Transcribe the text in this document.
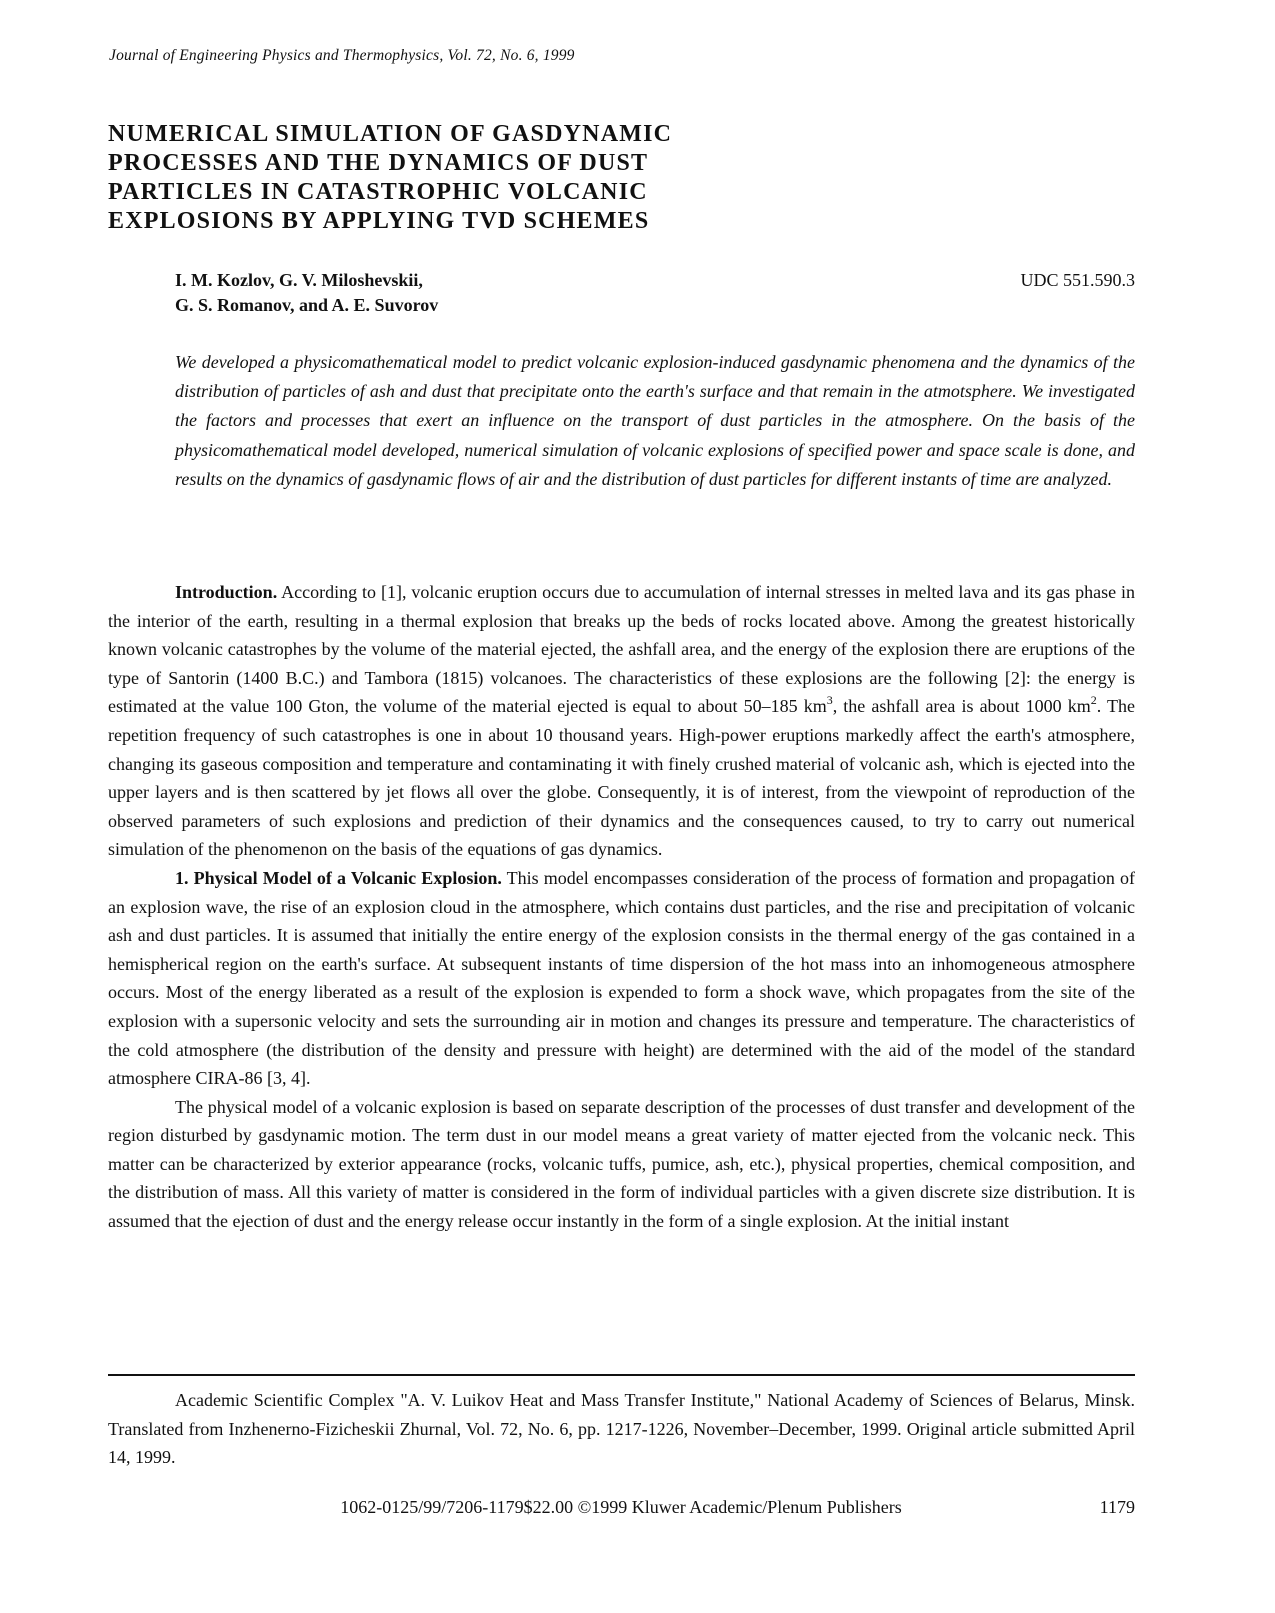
Journal of Engineering Physics and Thermophysics, Vol. 72, No. 6, 1999
NUMERICAL SIMULATION OF GASDYNAMIC
PROCESSES AND THE DYNAMICS OF DUST
PARTICLES IN CATASTROPHIC VOLCANIC
EXPLOSIONS BY APPLYING TVD SCHEMES
I. M. Kozlov, G. V. Miloshevskii,
G. S. Romanov, and A. E. Suvorov
UDC 551.590.3
We developed a physicomathematical model to predict volcanic explosion-induced gasdynamic phenomena and the dynamics of the distribution of particles of ash and dust that precipitate onto the earth's surface and that remain in the atmotsphere. We investigated the factors and processes that exert an influence on the transport of dust particles in the atmosphere. On the basis of the physicomathematical model developed, numerical simulation of volcanic explosions of specified power and space scale is done, and results on the dynamics of gasdynamic flows of air and the distribution of dust particles for different instants of time are analyzed.

Introduction. According to [1], volcanic eruption occurs due to accumulation of internal stresses in melted lava and its gas phase in the interior of the earth, resulting in a thermal explosion that breaks up the beds of rocks located above. Among the greatest historically known volcanic catastrophes by the volume of the material ejected, the ashfall area, and the energy of the explosion there are eruptions of the type of Santorin (1400 B.C.) and Tambora (1815) volcanoes. The characteristics of these explosions are the following [2]: the energy is estimated at the value 100 Gton, the volume of the material ejected is equal to about 50–185 $km^3$, the ashfall area is about 1000 $km^2$. The repetition frequency of such catastrophes is one in about 10 thousand years. High-power eruptions markedly affect the earth's atmosphere, changing its gaseous composition and temperature and contaminating it with finely crushed material of volcanic ash, which is ejected into the upper layers and is then scattered by jet flows all over the globe. Consequently, it is of interest, from the viewpoint of reproduction of the observed parameters of such explosions and prediction of their dynamics and the consequences caused, to try to carry out numerical simulation of the phenomenon on the basis of the equations of gas dynamics.

1. Physical Model of a Volcanic Explosion. This model encompasses consideration of the process of formation and propagation of an explosion wave, the rise of an explosion cloud in the atmosphere, which contains dust particles, and the rise and precipitation of volcanic ash and dust particles. It is assumed that initially the entire energy of the explosion consists in the thermal energy of the gas contained in a hemispherical region on the earth's surface. At subsequent instants of time dispersion of the hot mass into an inhomogeneous atmosphere occurs. Most of the energy liberated as a result of the explosion is expended to form a shock wave, which propagates from the site of the explosion with a supersonic velocity and sets the surrounding air in motion and changes its pressure and temperature. The characteristics of the cold atmosphere (the distribution of the density and pressure with height) are determined with the aid of the model of the standard atmosphere CIRA-86 [3, 4].

The physical model of a volcanic explosion is based on separate description of the processes of dust transfer and development of the region disturbed by gasdynamic motion. The term dust in our model means a great variety of matter ejected from the volcanic neck. This matter can be characterized by exterior appearance (rocks, volcanic tuffs, pumice, ash, etc.), physical properties, chemical composition, and the distribution of mass. All this variety of matter is considered in the form of individual particles with a given discrete size distribution. It is assumed that the ejection of dust and the energy release occur instantly in the form of a single explosion. At the initial instant

Academic Scientific Complex "A. V. Luikov Heat and Mass Transfer Institute," National Academy of Sciences of Belarus, Minsk. Translated from Inzhenerno-Fizicheskii Zhurnal, Vol. 72, No. 6, pp. 1217-1226, November–December, 1999. Original article submitted April 14, 1999.
1062-0125/99/7206-1179$22.00 ©1999 Kluwer Academic/Plenum Publishers	1179
